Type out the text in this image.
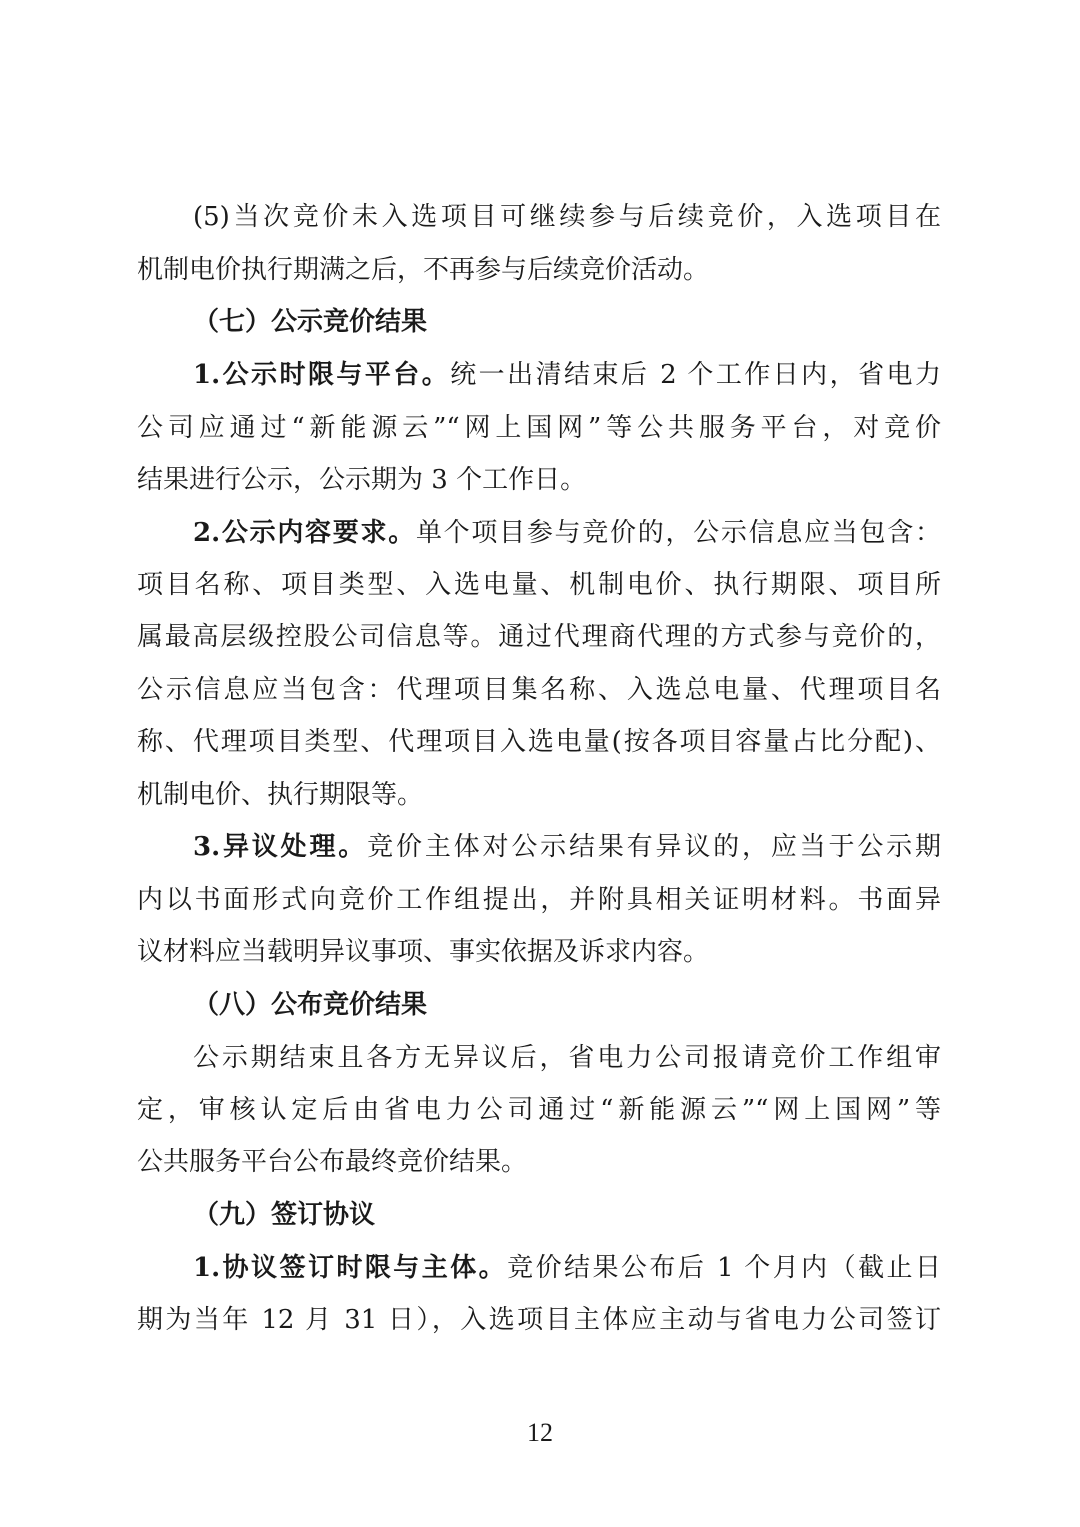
(5)当次竞价未入选项目可继续参与后续竞价，入选项目在
机制电价执行期满之后，不再参与后续竞价活动。
（七）公示竞价结果
1.公示时限与平台。统一出清结束后 2 个工作日内，省电力
公司应通过“新能源云”“网上国网”等公共服务平台，对竞价
结果进行公示，公示期为 3 个工作日。
2.公示内容要求。单个项目参与竞价的，公示信息应当包含：
项目名称、项目类型、入选电量、机制电价、执行期限、项目所
属最高层级控股公司信息等。通过代理商代理的方式参与竞价的，
公示信息应当包含：代理项目集名称、入选总电量、代理项目名
称、代理项目类型、代理项目入选电量(按各项目容量占比分配)、
机制电价、执行期限等。
3.异议处理。竞价主体对公示结果有异议的，应当于公示期
内以书面形式向竞价工作组提出，并附具相关证明材料。书面异
议材料应当载明异议事项、事实依据及诉求内容。
（八）公布竞价结果
公示期结束且各方无异议后，省电力公司报请竞价工作组审
定，审核认定后由省电力公司通过“新能源云”“网上国网”等
公共服务平台公布最终竞价结果。
（九）签订协议
1.协议签订时限与主体。竞价结果公布后 1 个月内（截止日
期为当年 12 月 31 日），入选项目主体应主动与省电力公司签订
12
